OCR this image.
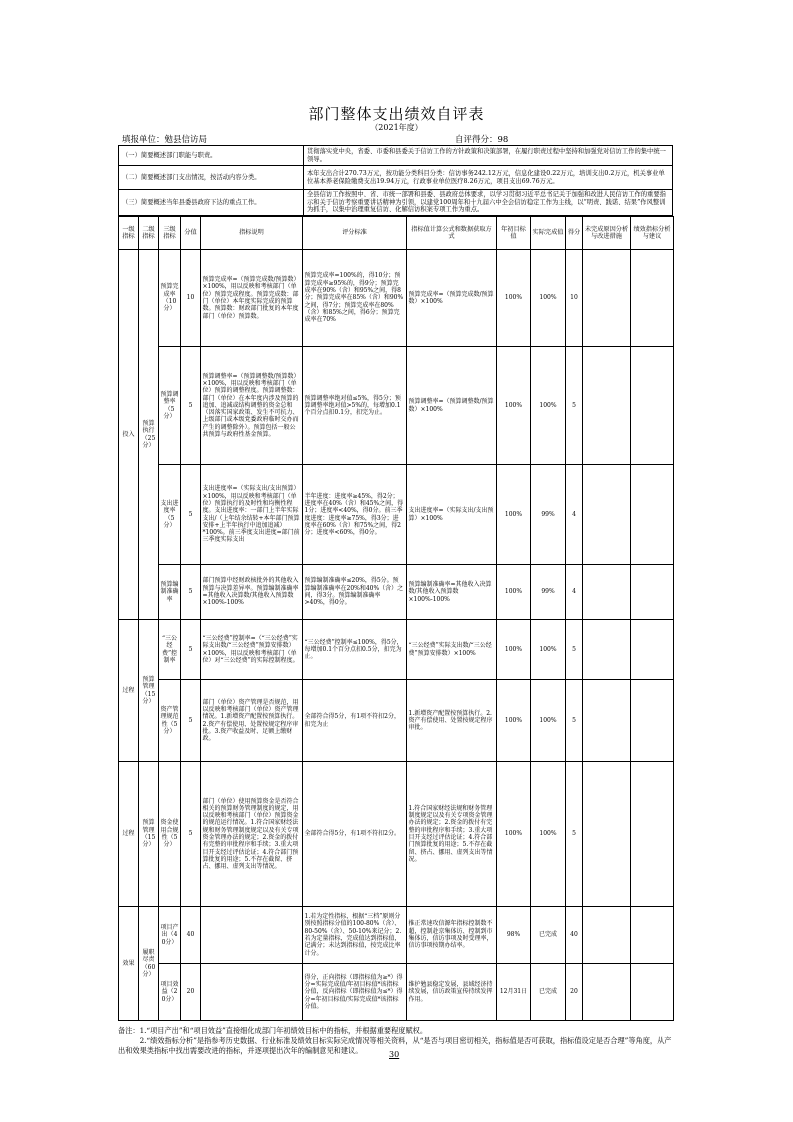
部门整体支出绩效自评表
（2021年度）
填报单位：勉县信访局	自评得分：98
（一）简要概述部门职能与职责。	贯彻落实党中央，省委、市委和县委关于信访工作的方针政策和决策部署，在履行职责过程中坚持和加强党对信访工作的集中统一领导。
（二）简要概述部门支出情况，按活动内容分类。	本年支出合计270.73万元，按功能分类科目分类：信访事务242.12万元，信息化建设0.22万元，培训支出0.2万元，机关事业单位基本养老保险缴费支出19.94万元，行政事业单位医疗8.26万元，项目支出69.76万元。
（三）简要概述当年县委县政府下达的重点工作。	全县信访工作按照中、省、市统一部署和县委、县政府总体要求，以学习贯彻习近平总书记关于加强和改进人民信访工作的重要指示和关于信访考察重要讲话精神为引领，以建党100周年和十九届六中全会信访稳定工作为主线，以“明责、践诺、结果”作风整训为抓手，以集中治理重复信访、化解信访积案专项工作为重点。
一级指标	二级指标	三级指标	分值	指标说明	评分标准	指标值计算公式和数据获取方式	年初目标值	实际完成值	得分	未完成原因分析与改进措施	绩效指标分析与建议
投入	预算执行（25分）	预算完成率（10分）	10	预算完成率=（预算完成数/预算数）×100%，用以反映和考核部门（单位）预算完成程度。预算完成数：部门（单位）本年度实际完成的预算数。预算数：财政部门批复的本年度部门（单位）预算数。	预算完成率=100%的，得10分；预算完成率≥95%的，得9分；预算完成率在90%（含）和95%之间，得8分；预算完成率在85%（含）和90%之间，得7分；预算完成率在80%（含）和85%之间，得6分；预算完成率在70%	预算完成率=（预算完成数/预算数）×100%	100%	100%	10		
		预算调整率（5分）	5	预算调整率=（预算调整数/预算数）×100%，用以反映和考核部门（单位）预算的调整程度。预算调整数：部门（单位）在本年度内涉及预算的追加、追减或结构调整的资金总和（因落实国家政策、发生不可抗力、上级部门或本级党委政府临时交办而产生的调整除外）。预算包括一般公共预算与政府性基金预算。	预算调整率绝对值≤5%，得5分；预算调整率绝对值>5%的，每增加0.1个百分点扣0.1分，扣完为止。	预算调整率=（预算调整数/预算数）×100%	100%	100%	5		
		支出进度率（5分）	5	支出进度率=（实际支出/支出预算）×100%，用以反映和考核部门（单位）预算执行的及时性和均衡性程度。支出进度率：一部门上半年实际支出/（上年结余结转+本年部门预算安排+上半年执行中追加追减）*100%。前三季度支出进度=部门前三季度实际支出	半年进度：进度率≥45%，得2分；进度率在40%（含）和45%之间，得1分；进度率<40%，得0分。前三季度进度：进度率≥75%，得3分；进度率在60%（含）和75%之间，得2分；进度率<60%，得0分。	支出进度率=（实际支出/支出预算）×100%	100%	99%	4		
		预算编制准确率	5	部门预算中经财政核批外的其他收入预算与决算差异率。预算编制准确率=其他收入决算数/其他收入预算数×100%-100%	预算编制准确率≤20%，得5分。预算编制准确率在20%和40%（含）之间，得3分。预算编制准确率>40%，得0分。	预算编制准确率=其他收入决算数/其他收入预算数×100%-100%	100%	99%	4		
过程	预算管理（15分）	“三公经费”控制率	5	“三公经费”控制率=（“三公经费”实际支出数/“三公经费”预算安排数）×100%，用以反映和考核部门（单位）对“三公经费”的实际控制程度。	“三公经费”控制率≤100%，得5分，每增加0.1个百分点扣0.5分，扣完为止。	“三公经费”实际支出数/“三公经费”预算安排数）×100%	100%	100%	5		
		资产管理规范性（5分）	5	部门（单位）资产管理是否规范，用以反映和考核部门（单位）资产管理情况。1.新增资产配置按预算执行。2.资产有偿使用、处置按规定程序审批。3.资产收益及时、足额上缴财政。	全部符合得5分，有1项不符扣2分，扣完为止	1.新增资产配置按预算执行。2.资产有偿使用、处置按规定程序审批。	100%	100%	5		
过程	预算管理（15分）	资金使用合规性（5分）	5	部门（单位）使用预算资金是否符合相关的预算财务管理制度的规定，用以反映和考核部门（单位）预算资金的规范运行情况。1.符合国家财经法规和财务管理制度规定以及有关专项资金管理办法的规定；2.资金的拨付有完整的审批程序和手续；3.重大项目开支经过评估论证；4.符合部门预算批复的用途；5.不存在截留、挤占、挪用、虚列支出等情况。	全部符合得5分，有1项不符扣2分。	1.符合国家财经法规和财务管理制度规定以及有关专项资金管理办法的规定；2.资金的拨付有完整的审批程序和手续；3.重大项目开支经过评估论证；4.符合部门预算批复的用途；5.不存在截留、挤占、挪用、虚列支出等情况。	100%	100%	5		
效果	履职尽责（60分）	项目产出（40分）	40		1.若为定性指标，根据“三档”原则分别按照指标分值的100-80%（含）、80-50%（含）、50-10%来记分；2.若为定量指标，完成值达到指标值，记满分；未达到指标值，按完成比率计分。	推正常速攻信源年指标控制数不超，控制赴京集体访、控制到市集体访，信访事项及时受理率，信访事项按期办结率。	98%	已完成	40		
		项目效益（20分）	20		得分，正向指标（即指标值为≥*）得分=实际完成值/年初目标值*该指标分值，反向指标（即指标值为≤*）得分=年初目标值/实际完成值*该指标分值。	维护勉县稳定发展，县域经济持续发展，信访政策宣传持续发挥作用。	12月31日	已完成	20		
备注：1.“项目产出”和“项目效益”直接细化成部门年初绩效目标中的指标，并根据重要程度赋权。
　　　2.“绩效指标分析”是指参考历史数据、行业标准及绩效目标实际完成情况等相关资料，从“是否与项目密切相关，指标值是否可获取，指标值设定是否合理”等角度，从产出和效果类指标中找出需要改进的指标，并逐项提出次年的编制意见和建议。	30
